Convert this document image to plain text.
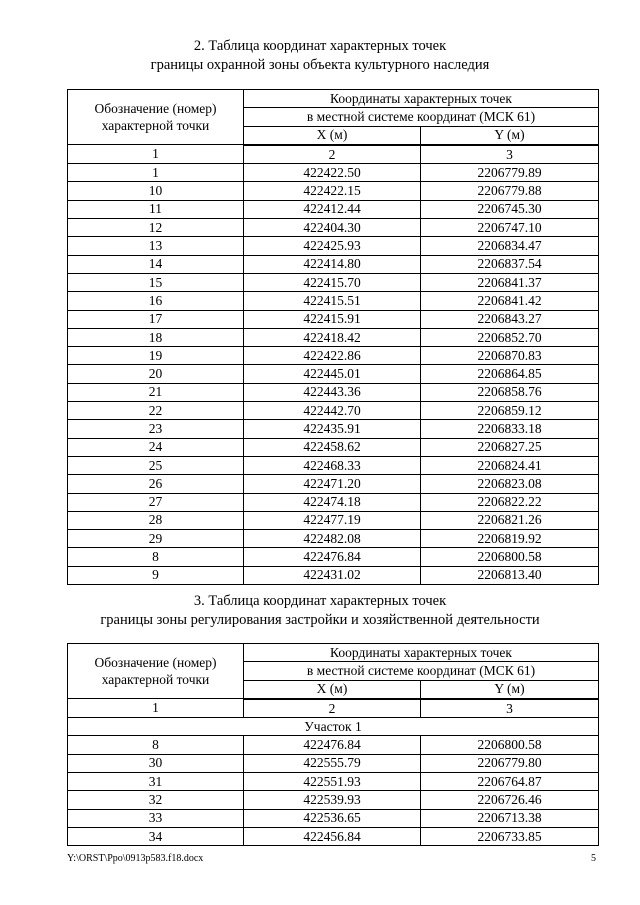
2. Таблица координат характерных точек
границы охранной зоны объекта культурного наследия
Обозначение (номер)
характерной точки	Координаты характерных точек	
	в местной системе координат (МСК 61)	
	X (м)	Y (м)
1	2	3
1	422422.50	2206779.89
10	422422.15	2206779.88
11	422412.44	2206745.30
12	422404.30	2206747.10
13	422425.93	2206834.47
14	422414.80	2206837.54
15	422415.70	2206841.37
16	422415.51	2206841.42
17	422415.91	2206843.27
18	422418.42	2206852.70
19	422422.86	2206870.83
20	422445.01	2206864.85
21	422443.36	2206858.76
22	422442.70	2206859.12
23	422435.91	2206833.18
24	422458.62	2206827.25
25	422468.33	2206824.41
26	422471.20	2206823.08
27	422474.18	2206822.22
28	422477.19	2206821.26
29	422482.08	2206819.92
8	422476.84	2206800.58
9	422431.02	2206813.40
3. Таблица координат характерных точек
границы зоны регулирования застройки и хозяйственной деятельности
Обозначение (номер)
характерной точки	Координаты характерных точек	
	в местной системе координат (МСК 61)	
	X (м)	Y (м)
1	2	3
Участок 1		
8	422476.84	2206800.58
30	422555.79	2206779.80
31	422551.93	2206764.87
32	422539.93	2206726.46
33	422536.65	2206713.38
34	422456.84	2206733.85
Y:\ORST\Ppo\0913p583.f18.docx	5
